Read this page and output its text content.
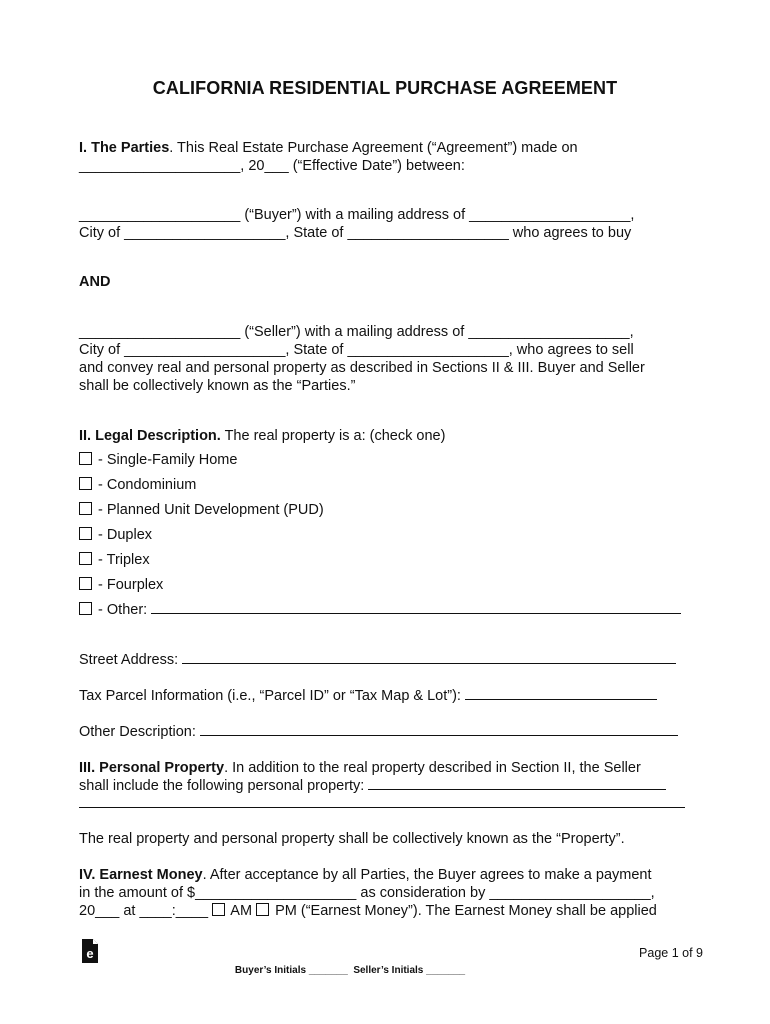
CALIFORNIA RESIDENTIAL PURCHASE AGREEMENT
I. The Parties. This Real Estate Purchase Agreement (“Agreement”) made on
____________________, 20___ (“Effective Date”) between:
____________________ (“Buyer”) with a mailing address of ____________________,
City of ____________________, State of ____________________ who agrees to buy
AND
____________________ (“Seller”) with a mailing address of ____________________,
City of ____________________, State of ____________________, who agrees to sell
and convey real and personal property as described in Sections II & III. Buyer and Seller
shall be collectively known as the “Parties.”
II. Legal Description. The real property is a: (check one)
- Single-Family Home
- Condominium
- Planned Unit Development (PUD)
- Duplex
- Triplex
- Fourplex
- Other:
Street Address:
Tax Parcel Information (i.e., “Parcel ID” or “Tax Map & Lot”):
Other Description:
III. Personal Property. In addition to the real property described in Section II, the Seller
shall include the following personal property:
The real property and personal property shall be collectively known as the “Property”.
IV. Earnest Money. After acceptance by all Parties, the Buyer agrees to make a payment
in the amount of $____________________ as consideration by ____________________,
20___ at ____:____  AM  PM (“Earnest Money”). The Earnest Money shall be applied
e	Page 1 of 9
Buyer’s Initials _______  Seller’s Initials _______
